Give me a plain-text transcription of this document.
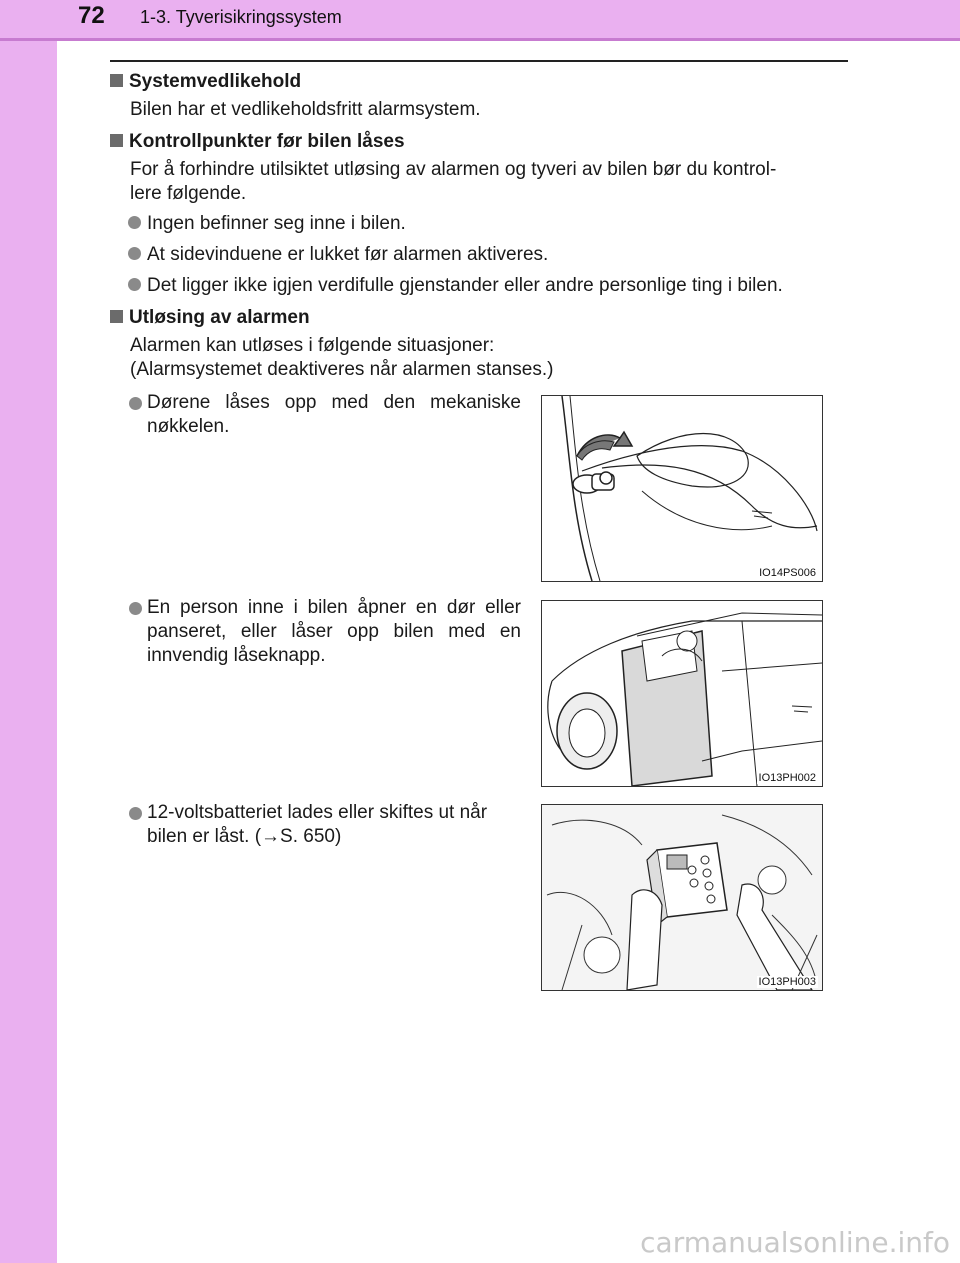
72 1-3. Tyverisikringssystem
Systemvedlikehold
Bilen har et vedlikeholdsfritt alarmsystem.
Kontrollpunkter før bilen låses
For å forhindre utilsiktet utløsing av alarmen og tyveri av bilen bør du kontrol-
lere følgende.
Ingen befinner seg inne i bilen.
At sidevinduene er lukket før alarmen aktiveres.
Det ligger ikke igjen verdifulle gjenstander eller andre personlige ting i bilen.
Utløsing av alarmen
Alarmen kan utløses i følgende situasjoner:
(Alarmsystemet deaktiveres når alarmen stanses.)
Dørene låses opp med den mekaniske
nøkkelen.
IO14PS006
En person inne i bilen åpner en dør eller
panseret, eller låser opp bilen med en
innvendig låseknapp.
IO13PH002
12-voltsbatteriet lades eller skiftes ut når
bilen er låst. (→S. 650)
IO13PH003
carmanualsonline.info
